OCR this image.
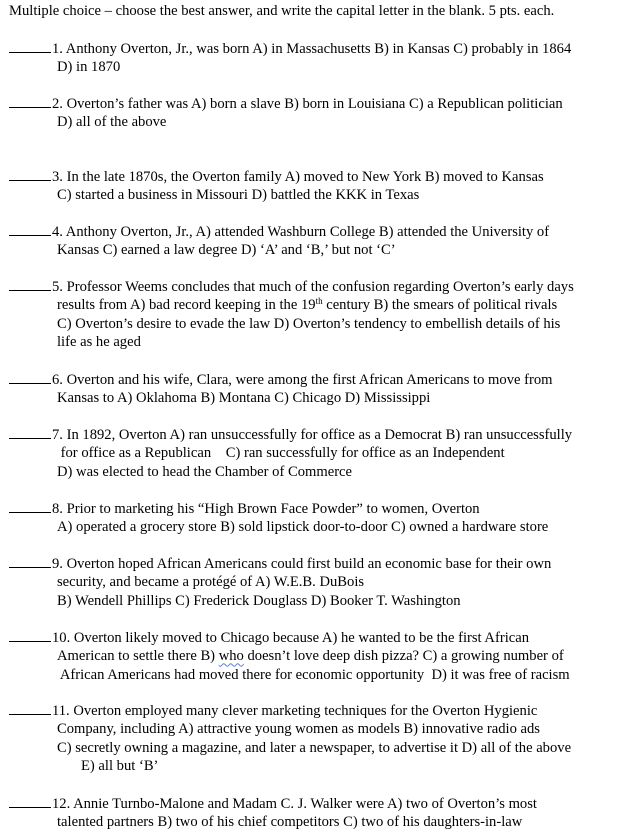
Multiple choice – choose the best answer, and write the capital letter in the blank. 5 pts. each.
1. Anthony Overton, Jr., was born A) in Massachusetts B) in Kansas C) probably in 1864
D) in 1870
2. Overton’s father was A) born a slave B) born in Louisiana C) a Republican politician
D) all of the above
3. In the late 1870s, the Overton family A) moved to New York B) moved to Kansas
C) started a business in Missouri D) battled the KKK in Texas
4. Anthony Overton, Jr., A) attended Washburn College B) attended the University of
Kansas C) earned a law degree D) ‘A’ and ‘B,’ but not ‘C’
5. Professor Weems concludes that much of the confusion regarding Overton’s early days
results from A) bad record keeping in the 19th century B) the smears of political rivals
C) Overton’s desire to evade the law D) Overton’s tendency to embellish details of his
life as he aged
6. Overton and his wife, Clara, were among the first African Americans to move from
Kansas to A) Oklahoma B) Montana C) Chicago D) Mississippi
7. In 1892, Overton A) ran unsuccessfully for office as a Democrat B) ran unsuccessfully
for office as a Republican    C) ran successfully for office as an Independent
D) was elected to head the Chamber of Commerce
8. Prior to marketing his “High Brown Face Powder” to women, Overton
A) operated a grocery store B) sold lipstick door-to-door C) owned a hardware store
9. Overton hoped African Americans could first build an economic base for their own
security, and became a protégé of A) W.E.B. DuBois
B) Wendell Phillips C) Frederick Douglass D) Booker T. Washington
10. Overton likely moved to Chicago because A) he wanted to be the first African
American to settle there B) who doesn’t love deep dish pizza? C) a growing number of
African Americans had moved there for economic opportunity  D) it was free of racism
11. Overton employed many clever marketing techniques for the Overton Hygienic
Company, including A) attractive young women as models B) innovative radio ads
C) secretly owning a magazine, and later a newspaper, to advertise it D) all of the above
E) all but ‘B’
12. Annie Turnbo-Malone and Madam C. J. Walker were A) two of Overton’s most
talented partners B) two of his chief competitors C) two of his daughters-in-law
